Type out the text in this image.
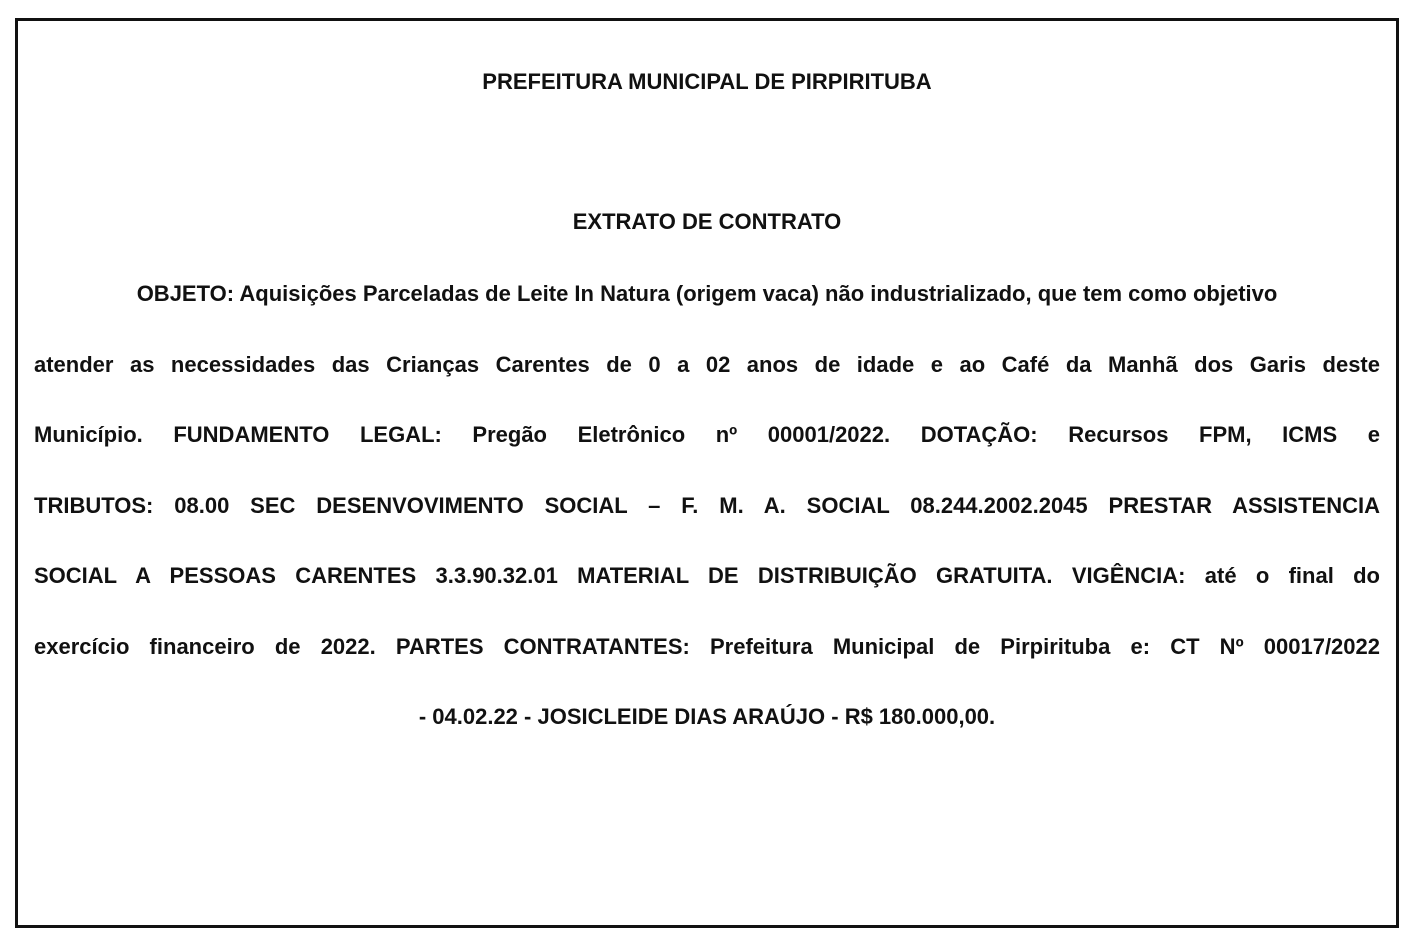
PREFEITURA MUNICIPAL DE PIRPIRITUBA
EXTRATO DE CONTRATO
OBJETO: Aquisições Parceladas de Leite In Natura (origem vaca) não industrializado, que tem como objetivo
atender as necessidades das Crianças Carentes de 0 a 02 anos de idade e ao Café da Manhã dos Garis deste
Município. FUNDAMENTO LEGAL: Pregão Eletrônico nº 00001/2022. DOTAÇÃO: Recursos FPM, ICMS e
TRIBUTOS: 08.00 SEC DESENVOVIMENTO SOCIAL – F. M. A. SOCIAL 08.244.2002.2045 PRESTAR ASSISTENCIA
SOCIAL A PESSOAS CARENTES 3.3.90.32.01 MATERIAL DE DISTRIBUIÇÃO GRATUITA. VIGÊNCIA: até o final do
exercício financeiro de 2022. PARTES CONTRATANTES: Prefeitura Municipal de Pirpirituba e: CT Nº 00017/2022
- 04.02.22 - JOSICLEIDE DIAS ARAÚJO - R$ 180.000,00.
